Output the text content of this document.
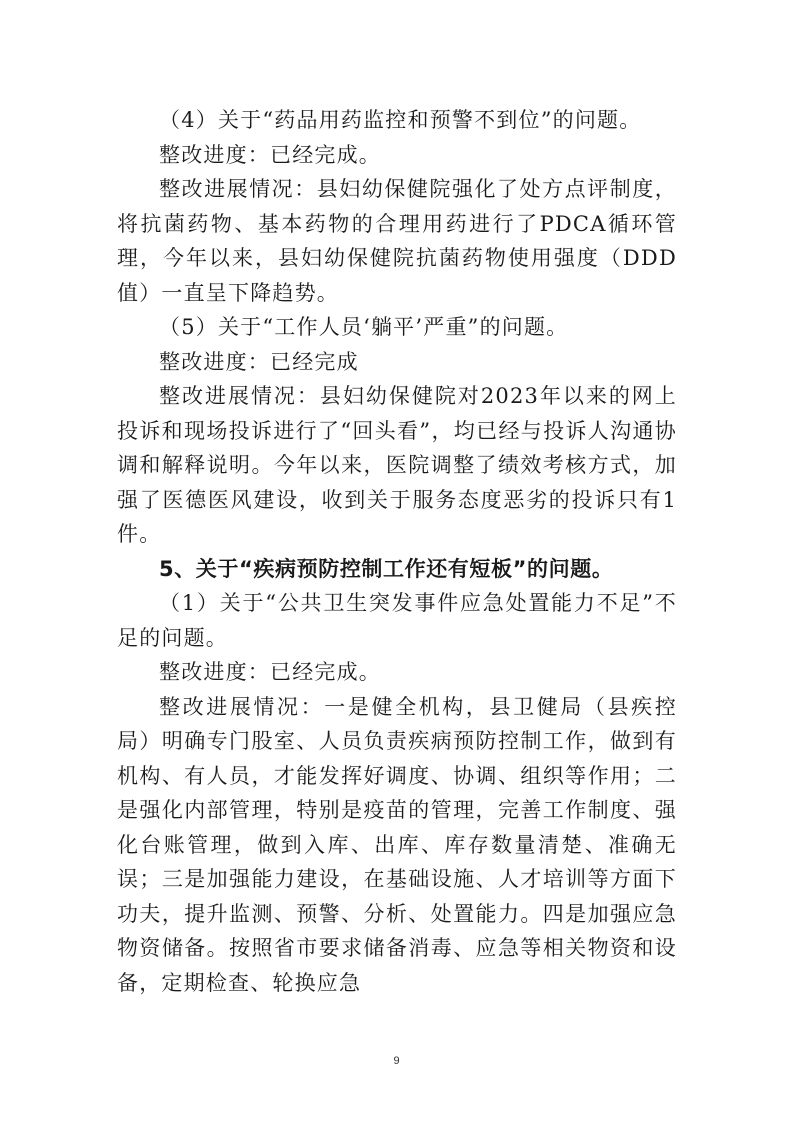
（4）关于“药品用药监控和预警不到位”的问题。

整改进度：已经完成。

整改进展情况：县妇幼保健院强化了处方点评制度，将抗菌药物、基本药物的合理用药进行了PDCA循环管理，今年以来，县妇幼保健院抗菌药物使用强度（DDD值）一直呈下降趋势。

（5）关于“工作人员‘躺平’严重”的问题。

整改进度：已经完成

整改进展情况：县妇幼保健院对2023年以来的网上投诉和现场投诉进行了“回头看”，均已经与投诉人沟通协调和解释说明。今年以来，医院调整了绩效考核方式，加强了医德医风建设，收到关于服务态度恶劣的投诉只有1件。

5、关于“疾病预防控制工作还有短板”的问题。

（1）关于“公共卫生突发事件应急处置能力不足”不足的问题。

整改进度：已经完成。

整改进展情况：一是健全机构，县卫健局（县疾控局）明确专门股室、人员负责疾病预防控制工作，做到有机构、有人员，才能发挥好调度、协调、组织等作用；二是强化内部管理，特别是疫苗的管理，完善工作制度、强化台账管理，做到入库、出库、库存数量清楚、准确无误；三是加强能力建设，在基础设施、人才培训等方面下功夫，提升监测、预警、分析、处置能力。四是加强应急物资储备。按照省市要求储备消毒、应急等相关物资和设备，定期检查、轮换应急

9
